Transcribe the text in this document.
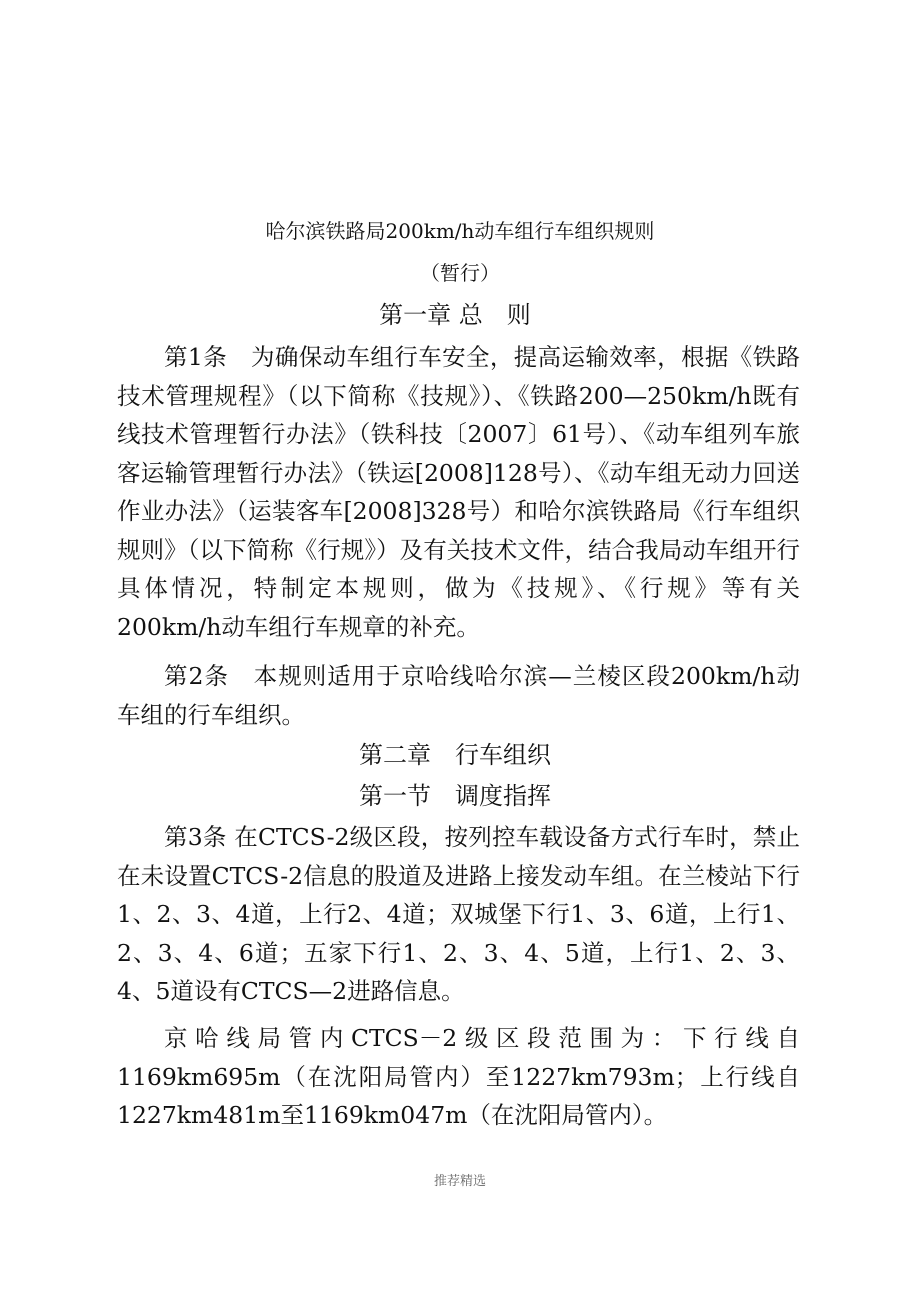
哈尔滨铁路局200km/h动车组行车组织规则
（暂行）
第一章 总　则

第1条　为确保动车组行车安全，提高运输效率，根据《铁路技术管理规程》（以下简称《技规》）、《铁路200—250km/h既有线技术管理暂行办法》（铁科技〔2007〕61号）、《动车组列车旅客运输管理暂行办法》（铁运[2008]128号）、《动车组无动力回送作业办法》（运装客车[2008]328号）和哈尔滨铁路局《行车组织规则》（以下简称《行规》）及有关技术文件，结合我局动车组开行具体情况，特制定本规则，做为《技规》、《行规》等有关200km/h动车组行车规章的补充。

第2条　本规则适用于京哈线哈尔滨—兰棱区段200km/h动车组的行车组织。

第二章　行车组织
第一节　调度指挥

第3条 在CTCS-2级区段，按列控车载设备方式行车时，禁止在未设置CTCS-2信息的股道及进路上接发动车组。在兰棱站下行1、2、3、4道，上行2、4道；双城堡下行1、3、6道，上行1、2、3、4、6道；五家下行1、2、3、4、5道，上行1、2、3、4、5道设有CTCS—2进路信息。

京哈线局管内CTCS－2级区段范围为：下行线自1169km695m（在沈阳局管内）至1227km793m；上行线自1227km481m至1169km047m（在沈阳局管内）。

推荐精选
